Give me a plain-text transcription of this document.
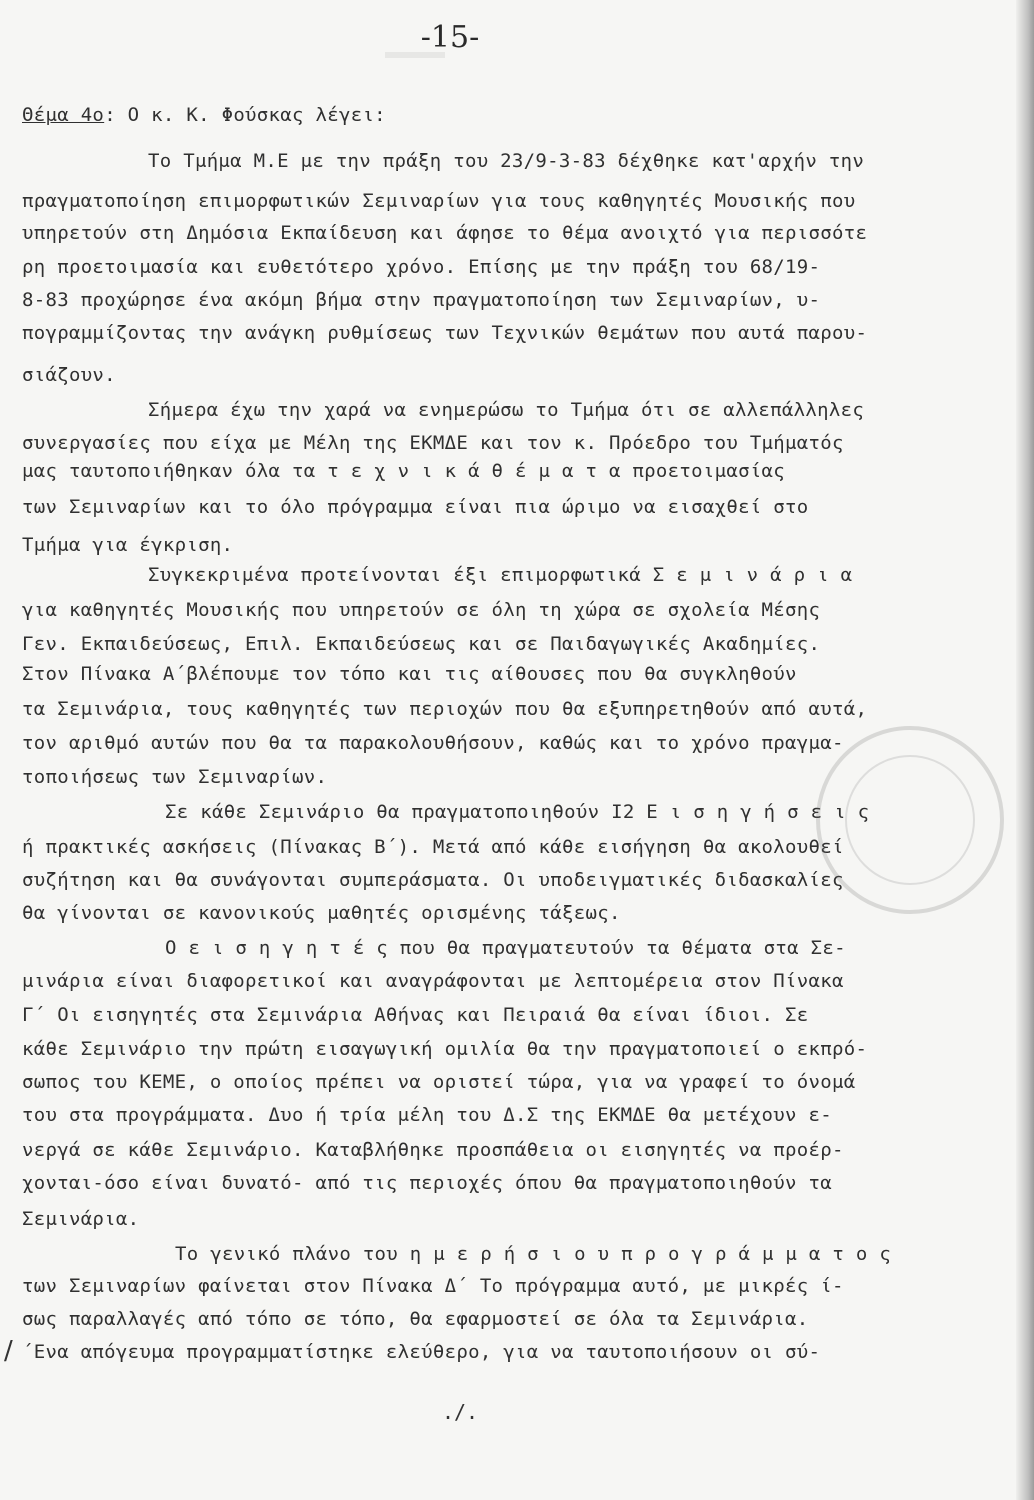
-15-
Θέμα 4ο: Ο κ. Κ. Φούσκας λέγει:
Το Τμήμα Μ.Ε με την πράξη του 23/9-3-83 δέχθηκε κατ'αρχήν την
πραγματοποίηση επιμορφωτικών Σεμιναρίων για τους καθηγητές Μουσικής που
υπηρετούν στη Δημόσια Εκπαίδευση και άφησε το θέμα ανοιχτό για περισσότε
ρη προετοιμασία και ευθετότερο χρόνο. Επίσης με την πράξη του 68/19-
8-83 προχώρησε ένα ακόμη βήμα στην πραγματοποίηση των Σεμιναρίων, υ-
πογραμμίζοντας την ανάγκη ρυθμίσεως των Τεχνικών θεμάτων που αυτά παρου-
σιάζουν.
Σήμερα έχω την χαρά να ενημερώσω το Τμήμα ότι σε αλλεπάλληλες
συνεργασίες που είχα με Μέλη της ΕΚΜΔΕ και τον κ. Πρόεδρο του Τμήματός
μας ταυτοποιήθηκαν όλα τα τ ε χ ν ι κ ά θ έ μ α τ α προετοιμασίας
των Σεμιναρίων και το όλο πρόγραμμα είναι πια ώριμο να εισαχθεί στο
Τμήμα για έγκριση.
Συγκεκριμένα προτείνονται έξι επιμορφωτικά Σ ε μ ι ν ά ρ ι α
για καθηγητές Μουσικής που υπηρετούν σε όλη τη χώρα σε σχολεία Μέσης
Γεν. Εκπαιδεύσεως, Επιλ. Εκπαιδεύσεως και σε Παιδαγωγικές Ακαδημίες.
Στον Πίνακα Α΄βλέπουμε τον τόπο και τις αίθουσες που θα συγκληθούν
τα Σεμινάρια, τους καθηγητές των περιοχών που θα εξυπηρετηθούν από αυτά,
τον αριθμό αυτών που θα τα παρακολουθήσουν, καθώς και το χρόνο πραγμα-
τοποιήσεως των Σεμιναρίων.
Σε κάθε Σεμινάριο θα πραγματοποιηθούν Ι2 Ε ι σ η γ ή σ ε ι ς
ή πρακτικές ασκήσεις (Πίνακας Β΄). Μετά από κάθε εισήγηση θα ακολουθεί
συζήτηση και θα συνάγονται συμπεράσματα. Οι υποδειγματικές διδασκαλίες
θα γίνονται σε κανονικούς μαθητές ορισμένης τάξεως.
Ο ε ι σ η γ η τ έ ς που θα πραγματευτούν τα θέματα στα Σε-
μινάρια είναι διαφορετικοί και αναγράφονται με λεπτομέρεια στον Πίνακα
Γ΄ Οι εισηγητές στα Σεμινάρια Αθήνας και Πειραιά θα είναι ίδιοι. Σε
κάθε Σεμινάριο την πρώτη εισαγωγική ομιλία θα την πραγματοποιεί ο εκπρό-
σωπος του ΚΕΜΕ, ο οποίος πρέπει να οριστεί τώρα, για να γραφεί το όνομά
του στα προγράμματα. Δυο ή τρία μέλη του Δ.Σ της ΕΚΜΔΕ θα μετέχουν ε-
νεργά σε κάθε Σεμινάριο. Καταβλήθηκε προσπάθεια οι εισηγητές να προέρ-
χονται-όσο είναι δυνατό- από τις περιοχές όπου θα πραγματοποιηθούν τα
Σεμινάρια.
Το γενικό πλάνο του η μ ε ρ ή σ ι ο υ π ρ ο γ ρ ά μ μ α τ ο ς
των Σεμιναρίων φαίνεται στον Πίνακα Δ΄ Το πρόγραμμα αυτό, με μικρές ί-
σως παραλλαγές από τόπο σε τόπο, θα εφαρμοστεί σε όλα τα Σεμινάρια.
΄Ενα απόγευμα προγραμματίστηκε ελεύθερο, για να ταυτοποιήσουν οι σύ-
/
./.
